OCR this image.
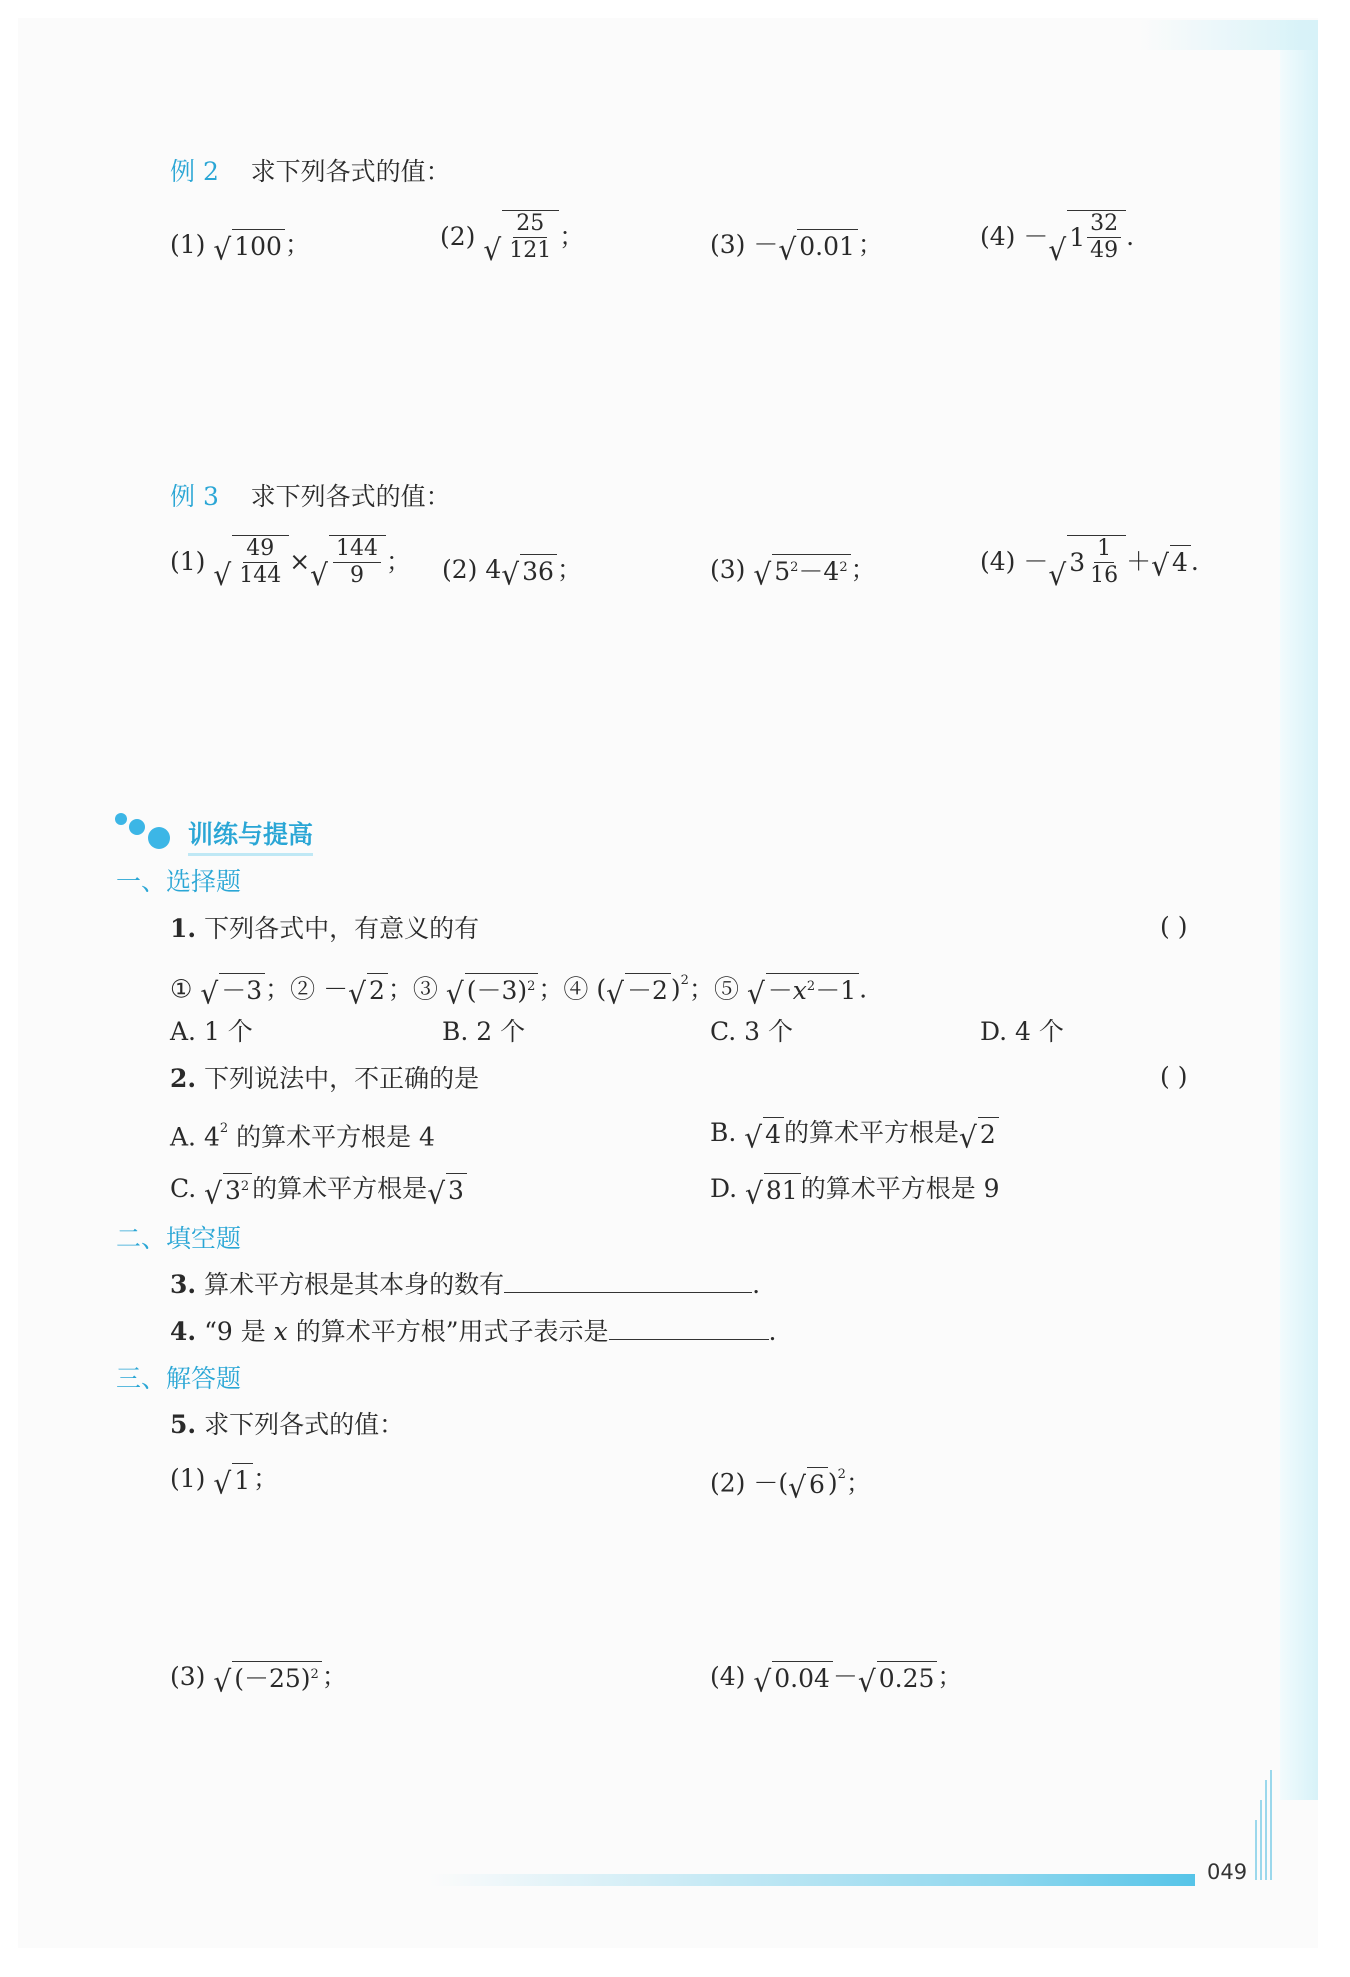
例 2 求下列各式的值：
(1) √ 100 ；	(2)
√ $\frac{25}{121}$ ；	(3) － √ 0.01 ；	(4)
－ √ $1 \frac{32}{49}$ .
例 3 求下列各式的值：
(1)
√ $\frac{49}{144}$ × √ $\frac{144}{9}$ ； (2) 4 √ 36 ；	(3) √ 5 2 － 4 2 ；	(4)
－ √ $3 \frac{1}{16}$ ＋ √ 4 .
训练与提高
一、选择题
1. 下列各式中，有意义的有	( )
① √ －3 ；② － √ 2 ；③ √ (－3) 2 ；④ ( √ －2 )$^2$；⑤ √ － x 2 －1 .
A. 1 个	B. 2 个	C. 3 个	D. 4 个
2. 下列说法中，不正确的是	( )
A. $4^2$ 的算术平方根是 4	B. √ 4 的算术平方根是 √ 2
C. √ 3 2 的算术平方根是 √ 3	D. √ 81 的算术平方根是 9
二、填空题
3. 算术平方根是其本身的数有	.
4. “9 是 x 的算术平方根”用式子表示是	.
三、解答题
5. 求下列各式的值：
(1) √ 1 ；	(2) －( √ 6 )$^2$；
(3) √ (－25) 2 ；	(4) √ 0.04 － √ 0.25 ；
049
